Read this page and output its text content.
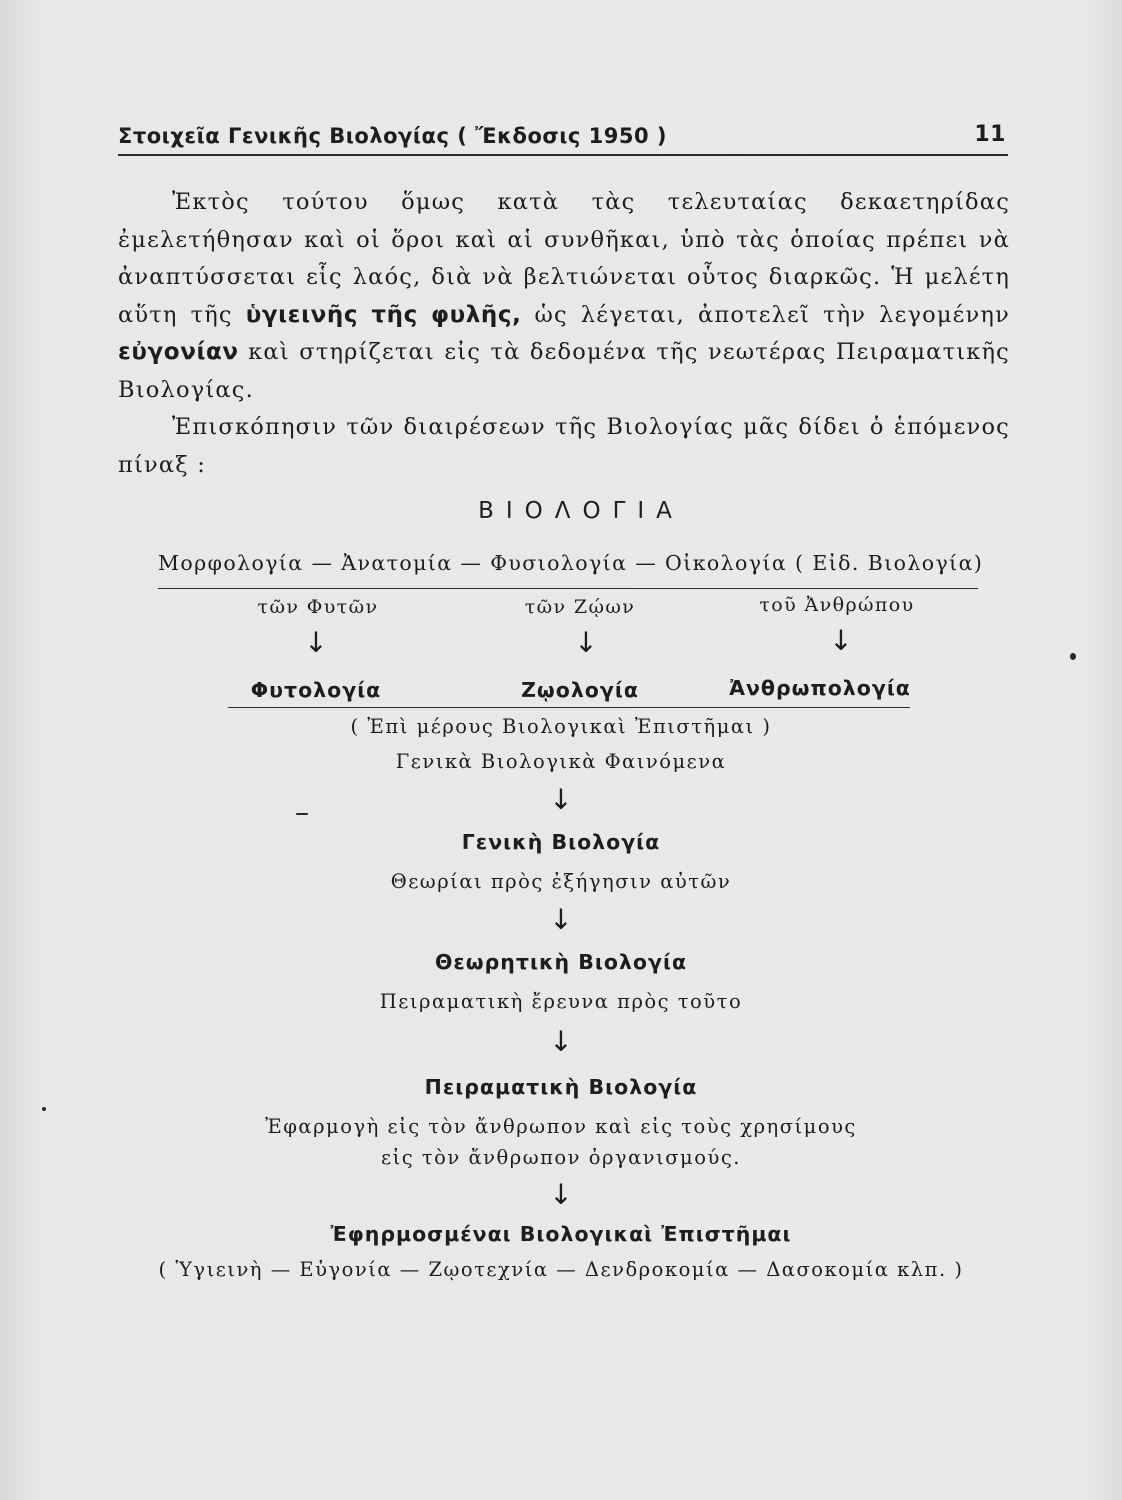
Στοιχεῖα Γενικῆς Βιολογίας ( Ἔκδοσις 1950 )	11

Ἐκτὸς τούτου ὅμως κατὰ τὰς τελευταίας δεκαετηρίδας ἐμελετήθησαν καὶ οἱ ὅροι καὶ αἱ συνθῆκαι, ὑπὸ τὰς ὁποίας πρέπει νὰ ἀναπτύσσεται εἷς λαός, διὰ νὰ βελτιώνεται οὗτος διαρκῶς. Ἡ μελέτη αὕτη τῆς ὑγιεινῆς τῆς φυλῆς, ὡς λέγεται, ἀποτελεῖ τὴν λεγομένην εὐγονίαν καὶ στηρίζεται εἰς τὰ δεδομένα τῆς νεωτέρας Πειραματικῆς Βιολογίας.

Ἐπισκόπησιν τῶν διαιρέσεων τῆς Βιολογίας μᾶς δίδει ὁ ἑπόμενος πίναξ :

ΒΙΟΛΟΓΙΑ
Μορφολογία — Ἀνατομία — Φυσιολογία — Οἰκολογία ( Εἰδ. Βιολογία)
τῶν Φυτῶν	τῶν Ζῴων	τοῦ Ἀνθρώπου
↓	↓	↓
Φυτολογία	Ζῳολογία	Ἀνθρωπολογία
( Ἐπὶ μέρους Βιολογικαὶ Ἐπιστῆμαι )
Γενικὰ Βιολογικὰ Φαινόμενα
↓
Γενικὴ Βιολογία
Θεωρίαι πρὸς ἐξήγησιν αὐτῶν
↓
Θεωρητικὴ Βιολογία
Πειραματικὴ ἔρευνα πρὸς τοῦτο
↓
Πειραματικὴ Βιολογία
Ἐφαρμογὴ εἰς τὸν ἄνθρωπον καὶ εἰς τοὺς χρησίμους
εἰς τὸν ἄνθρωπον ὀργανισμούς.
↓
Ἐφηρμοσμέναι Βιολογικαὶ Ἐπιστῆμαι
( Ὑγιεινὴ — Εὐγονία — Ζῳοτεχνία — Δενδροκομία — Δασοκομία κλπ. )
